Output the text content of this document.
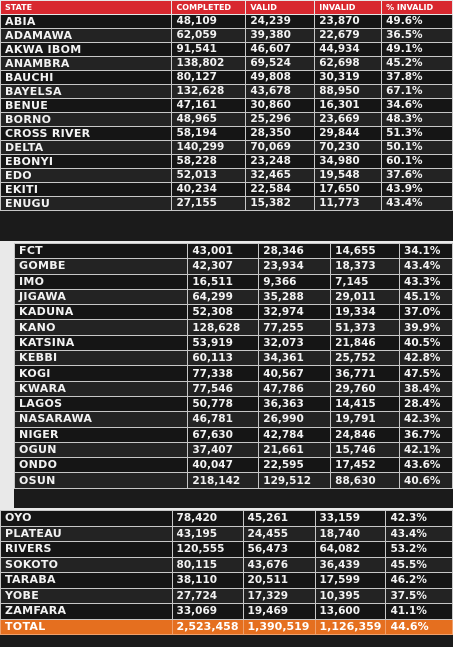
STATE	COMPLETED	VALID	INVALID	% INVALID
ABIA	48,109	24,239	23,870	49.6%
ADAMAWA	62,059	39,380	22,679	36.5%
AKWA IBOM	91,541	46,607	44,934	49.1%
ANAMBRA	138,802	69,524	62,698	45.2%
BAUCHI	80,127	49,808	30,319	37.8%
BAYELSA	132,628	43,678	88,950	67.1%
BENUE	47,161	30,860	16,301	34.6%
BORNO	48,965	25,296	23,669	48.3%
CROSS RIVER	58,194	28,350	29,844	51.3%
DELTA	140,299	70,069	70,230	50.1%
EBONYI	58,228	23,248	34,980	60.1%
EDO	52,013	32,465	19,548	37.6%
EKITI	40,234	22,584	17,650	43.9%
ENUGU	27,155	15,382	11,773	43.4%
FCT	43,001	28,346	14,655	34.1%
GOMBE	42,307	23,934	18,373	43.4%
IMO	16,511	9,366	7,145	43.3%
JIGAWA	64,299	35,288	29,011	45.1%
KADUNA	52,308	32,974	19,334	37.0%
KANO	128,628	77,255	51,373	39.9%
KATSINA	53,919	32,073	21,846	40.5%
KEBBI	60,113	34,361	25,752	42.8%
KOGI	77,338	40,567	36,771	47.5%
KWARA	77,546	47,786	29,760	38.4%
LAGOS	50,778	36,363	14,415	28.4%
NASARAWA	46,781	26,990	19,791	42.3%
NIGER	67,630	42,784	24,846	36.7%
OGUN	37,407	21,661	15,746	42.1%
ONDO	40,047	22,595	17,452	43.6%
OSUN	218,142	129,512	88,630	40.6%
OYO	78,420	45,261	33,159	42.3%
PLATEAU	43,195	24,455	18,740	43.4%
RIVERS	120,555	56,473	64,082	53.2%
SOKOTO	80,115	43,676	36,439	45.5%
TARABA	38,110	20,511	17,599	46.2%
YOBE	27,724	17,329	10,395	37.5%
ZAMFARA	33,069	19,469	13,600	41.1%
TOTAL	2,523,458	1,390,519	1,126,359	44.6%
